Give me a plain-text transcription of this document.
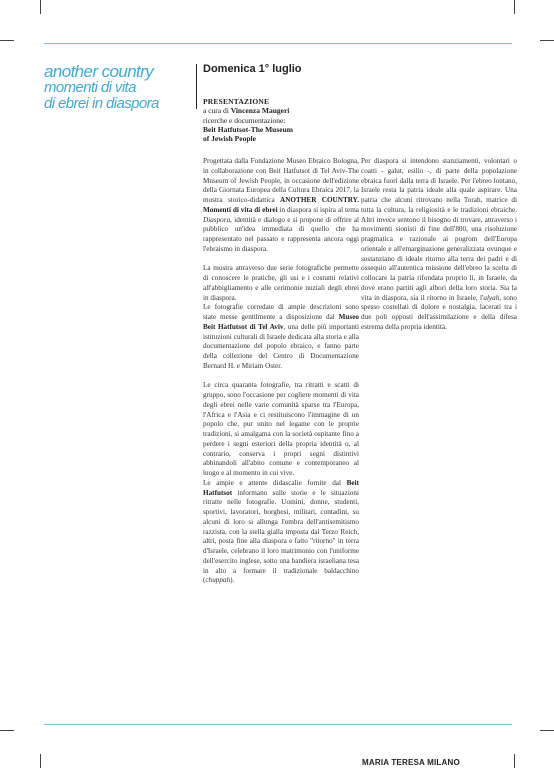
another country
momenti di vita
di ebrei in diaspora
Domenica 1° luglio
PRESENTAZIONE
a cura di Vincenza Maugeri
ricerche e documentazione:
Beit Hatfutsot-The Museum
of Jewish People

Progettata dalla Fondazione Museo Ebraico Bologna, in collaborazione con Beit Hatfutsot di Tel Aviv-The Museum of Jewish People, in occasione dell'edizione della Giornata Europea della Cultura Ebraica 2017, la mostra storico-didattica ANOTHER COUNTRY. Momenti di vita di ebrei in diaspora si ispira al tema Diaspora, identità e dialogo e si propone di offrire al pubblico un'idea immediata di quello che ha rappresentato nel passato e rappresenta ancora oggi l'ebraismo in diaspora.

La mostra attraverso due serie fotografiche permette di conoscere le pratiche, gli usi e i costumi relativi all'abbigliamento e alle cerimonie nuziali degli ebrei in diaspora.

Le fotografie corredate di ampie descrizioni sono state messe gentilmente a disposizione dal Museo Beit Hatfutsot di Tel Aviv, una delle più importanti istituzioni culturali di Israele dedicata alla storia e alla documentazione del popolo ebraico, e fanno parte della collezione del Centro di Documentazione Bernard H. e Miriam Oster.

Le circa quaranta fotografie, tra ritratti e scatti di gruppo, sono l'occasione per cogliere momenti di vita degli ebrei nelle varie comunità sparse tra l'Europa, l'Africa e l'Asia e ci restituiscono l'immagine di un popolo che, pur unito nel legame con le proprie tradizioni, si amalgama con la società ospitante fino a perdere i segni esteriori della propria identità o, al contrario, conserva i propri segni distintivi abbinandoli all'abito comune e contemporaneo al luogo e al momento in cui vive.

Le ampie e attente didascalie fornite dal Beit Hatfutsot informano sulle storie e le situazioni ritratte nelle fotografie. Uomini, donne, studenti, sportivi, lavoratori, borghesi, militari, contadini, su alcuni di loro si allunga l'ombra dell'antisemitismo razzista, con la stella gialla imposta dal Terzo Reich, altri, posta fine alla diaspora e fatto "ritorno" in terra d'Israele, celebrano il loro matrimonio con l'uniforme dell'esercito inglese, sotto una bandiera israeliana tesa in alto a formare il tradizionale baldacchino (chuppah).

Per diaspora si intendono stanziamenti, volontari o coatti - galut, esilio -, di parte della popolazione ebraica fuori dalla terra di Israele. Per l'ebreo lontano, Israele resta la patria ideale alla quale aspirare. Una patria che alcuni ritrovano nella Torah, matrice di tutta la cultura, la religiosità e le tradizioni ebraiche. Altri invece sentono il bisogno di trovare, attraverso i movimenti sionisti di fine dell'800, una risoluzione pragmatica e razionale ai pogrom dell'Europa orientale e all'emarginazione generalizzata ovunque e sostanziano di ideale ritorno alla terra dei padri e di ossequio all'autentica missione dell'ebreo la scelta di collocare la patria rifondata proprio lì, in Israele, da dove erano partiti agli albori della loro storia. Sia la vita in diaspora, sia il ritorno in Israele, l'alyah, sono spesso costellati di dolore e nostalgia, lacerati tra i due poli opposti dell'assimilazione e della difesa estrema della propria identità.

MARIA TERESA MILANO
